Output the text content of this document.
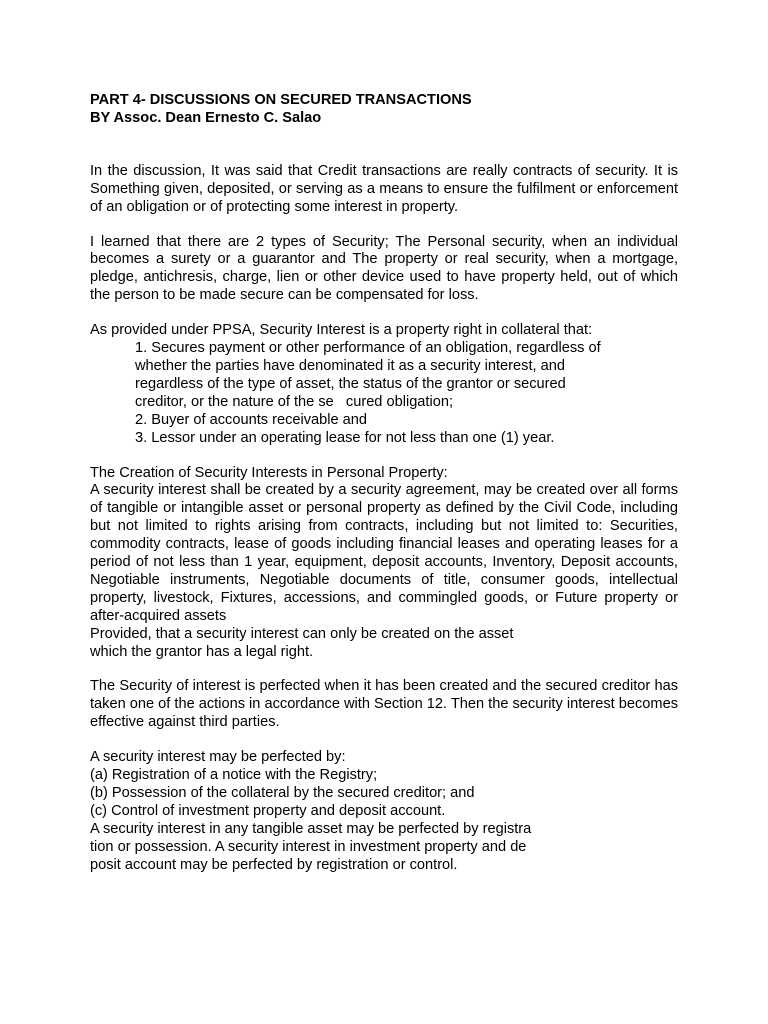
PART 4- DISCUSSIONS ON SECURED TRANSACTIONS

BY Assoc. Dean Ernesto C. Salao

In the discussion, It was said that Credit transactions are really contracts of security. It is Something given, deposited, or serving as a means to ensure the fulfilment or enforcement of an obligation or of protecting some interest in property.

I learned that there are 2 types of Security; The Personal security, when an individual becomes a surety or a guarantor and The property or real security, when a mortgage, pledge, antichresis, charge, lien or other device used to have property held, out of which the person to be made secure can be compensated for loss.

As provided under PPSA, Security Interest is a property right in collateral that:

1. Secures payment or other performance of an obligation, regardless of

whether the parties have denominated it as a security interest, and

regardless of the type of asset, the status of the grantor or secured

creditor, or the nature of the se   cured obligation;

2. Buyer of accounts receivable and

3. Lessor under an operating lease for not less than one (1) year.

The Creation of Security Interests in Personal Property:

A security interest shall be created by a security agreement, may be created over all forms of tangible or intangible asset or personal property as defined by the Civil Code, including but not limited to rights arising from contracts, including but not limited to: Securities, commodity contracts, lease of goods including financial leases and operating leases for a period of not less than 1 year, equipment, deposit accounts, Inventory, Deposit accounts, Negotiable instruments, Negotiable documents of title, consumer goods, intellectual property, livestock, Fixtures, accessions, and commingled goods, or Future property or after-acquired assets

Provided, that a security interest can only be created on the asset

which the grantor has a legal right.

The Security of interest is perfected when it has been created and the secured creditor has taken one of the actions in accordance with Section 12. Then the security interest becomes effective against third parties.

A security interest may be perfected by:

(a) Registration of a notice with the Registry;

(b) Possession of the collateral by the secured creditor; and

(c) Control of investment property and deposit account.

A security interest in any tangible asset may be perfected by registra

tion or possession. A security interest in investment property and de

posit account may be perfected by registration or control.
